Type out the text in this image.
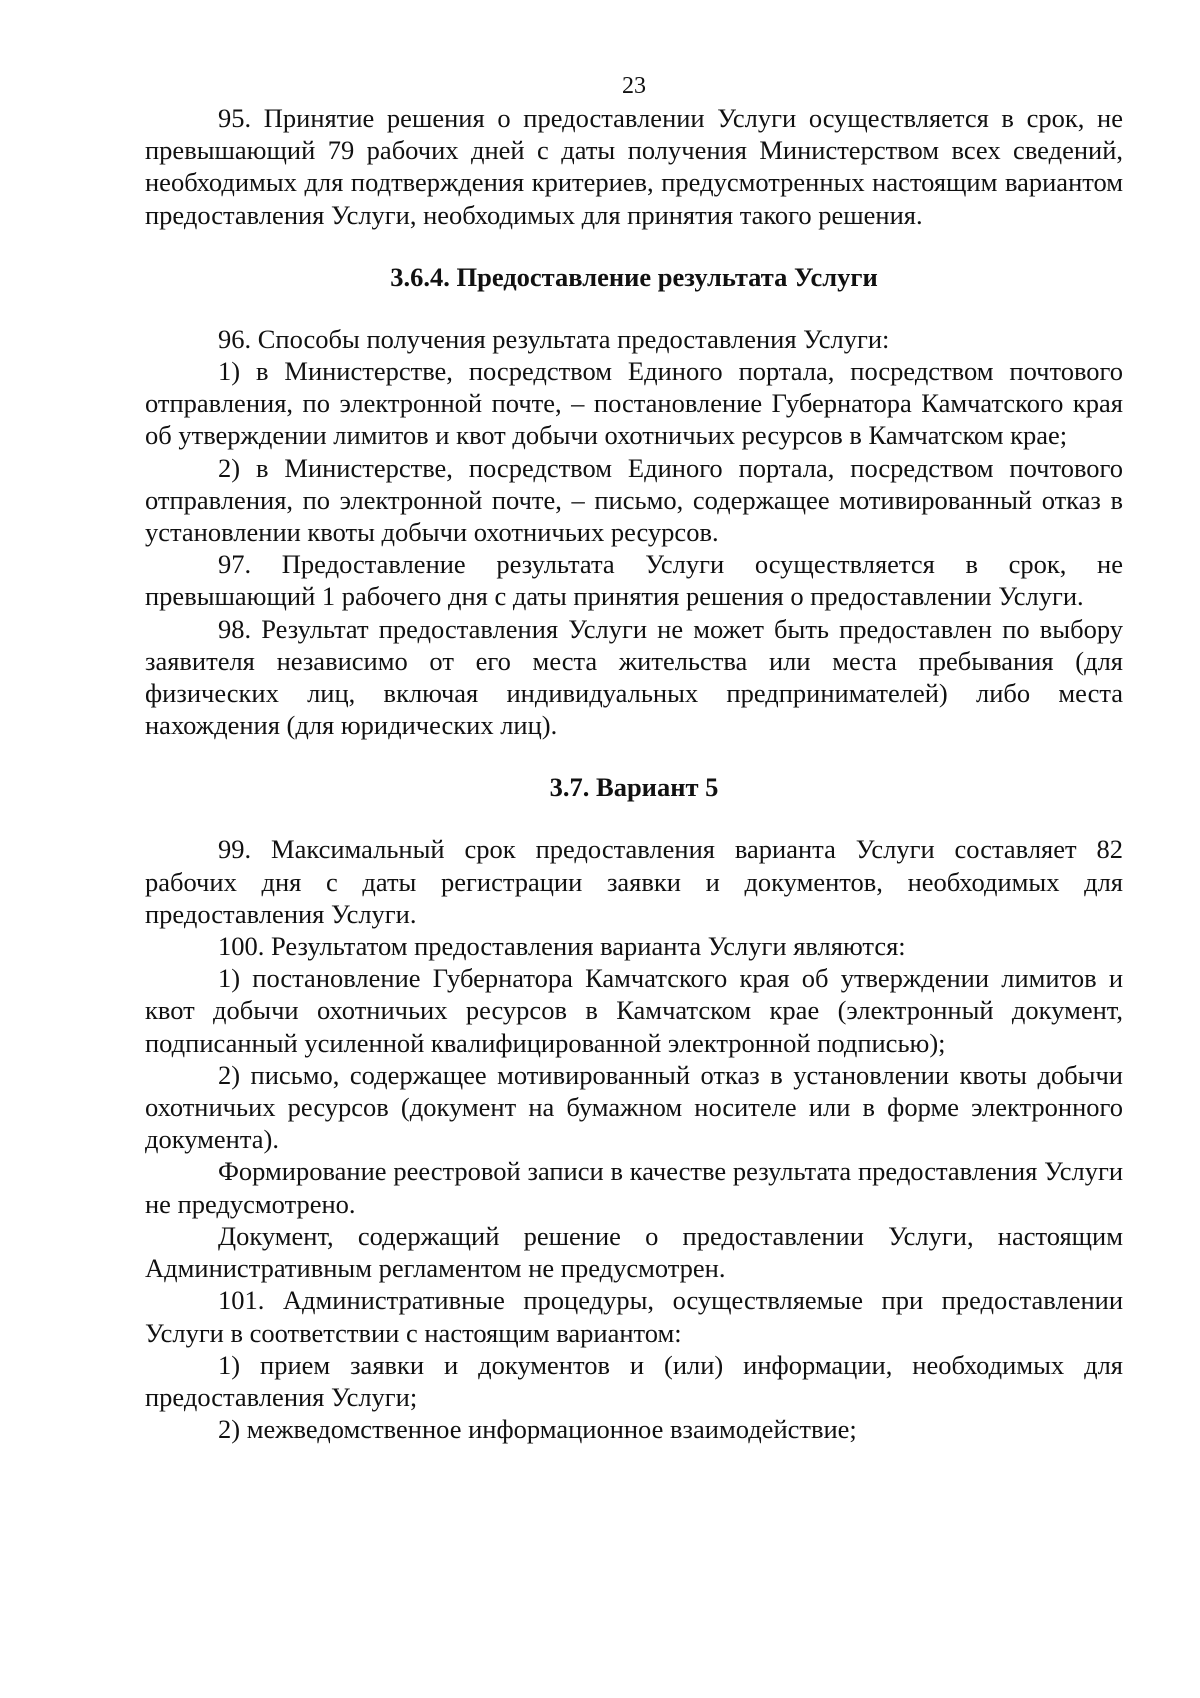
23

95. Принятие решения о предоставлении Услуги осуществляется в срок, не превышающий 79 рабочих дней с даты получения Министерством всех сведений, необходимых для подтверждения критериев, предусмотренных настоящим вариантом предоставления Услуги, необходимых для принятия такого решения.

3.6.4. Предоставление результата Услуги

96. Способы получения результата предоставления Услуги:

1) в Министерстве, посредством Единого портала, посредством почтового отправления, по электронной почте, – постановление Губернатора Камчатского края об утверждении лимитов и квот добычи охотничьих ресурсов в Камчатском крае;

2) в Министерстве, посредством Единого портала, посредством почтового отправления, по электронной почте, – письмо, содержащее мотивированный отказ в установлении квоты добычи охотничьих ресурсов.

97. Предоставление результата Услуги осуществляется в срок, не превышающий 1 рабочего дня с даты принятия решения о предоставлении Услуги.

98. Результат предоставления Услуги не может быть предоставлен по выбору заявителя независимо от его места жительства или места пребывания (для физических лиц, включая индивидуальных предпринимателей) либо места нахождения (для юридических лиц).

3.7. Вариант 5

99. Максимальный срок предоставления варианта Услуги составляет 82 рабочих дня с даты регистрации заявки и документов, необходимых для предоставления Услуги.

100. Результатом предоставления варианта Услуги являются:

1) постановление Губернатора Камчатского края об утверждении лимитов и квот добычи охотничьих ресурсов в Камчатском крае (электронный документ, подписанный усиленной квалифицированной электронной подписью);

2) письмо, содержащее мотивированный отказ в установлении квоты добычи охотничьих ресурсов (документ на бумажном носителе или в форме электронного документа).

Формирование реестровой записи в качестве результата предоставления Услуги не предусмотрено.

Документ, содержащий решение о предоставлении Услуги, настоящим Административным регламентом не предусмотрен.

101. Административные процедуры, осуществляемые при предоставлении Услуги в соответствии с настоящим вариантом:

1) прием заявки и документов и (или) информации, необходимых для предоставления Услуги;

2) межведомственное информационное взаимодействие;
